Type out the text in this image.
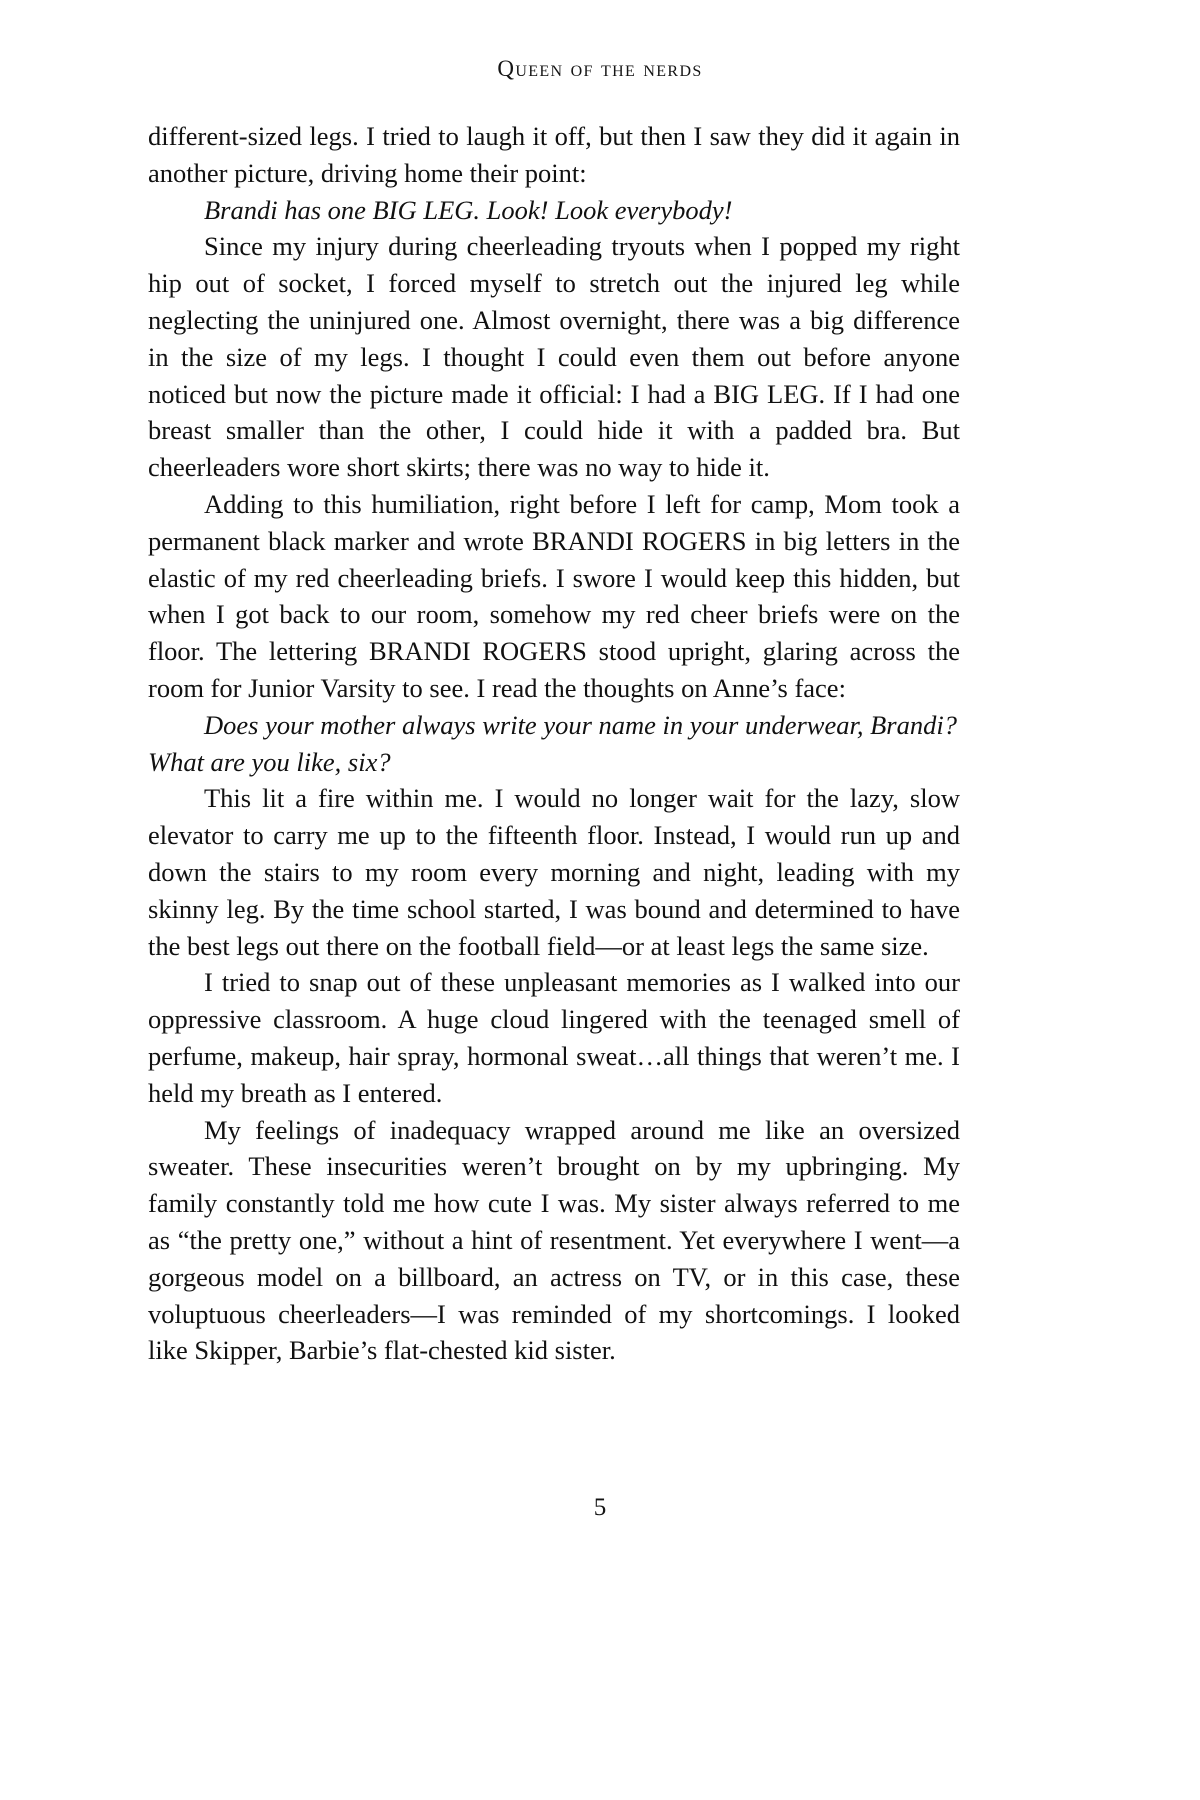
Queen of the nerds

different-sized legs. I tried to laugh it off, but then I saw they did it again in another picture, driving home their point:

Brandi has one BIG LEG. Look! Look everybody!

Since my injury during cheerleading tryouts when I popped my right hip out of socket, I forced myself to stretch out the injured leg while neglecting the uninjured one. Almost overnight, there was a big difference in the size of my legs. I thought I could even them out before anyone noticed but now the picture made it official: I had a BIG LEG. If I had one breast smaller than the other, I could hide it with a padded bra. But cheerleaders wore short skirts; there was no way to hide it.

Adding to this humiliation, right before I left for camp, Mom took a permanent black marker and wrote BRANDI ROGERS in big letters in the elastic of my red cheerleading briefs. I swore I would keep this hidden, but when I got back to our room, somehow my red cheer briefs were on the floor. The lettering BRANDI ROGERS stood upright, glaring across the room for Junior Varsity to see. I read the thoughts on Anne’s face:

Does your mother always write your name in your underwear, Brandi? What are you like, six?

This lit a fire within me. I would no longer wait for the lazy, slow elevator to carry me up to the fifteenth floor. Instead, I would run up and down the stairs to my room every morning and night, leading with my skinny leg. By the time school started, I was bound and determined to have the best legs out there on the football field—or at least legs the same size.

I tried to snap out of these unpleasant memories as I walked into our oppressive classroom. A huge cloud lingered with the teenaged smell of perfume, makeup, hair spray, hormonal sweat…all things that weren’t me. I held my breath as I entered.

My feelings of inadequacy wrapped around me like an oversized sweater. These insecurities weren’t brought on by my upbringing. My family constantly told me how cute I was. My sister always referred to me as “the pretty one,” without a hint of resentment. Yet everywhere I went—a gorgeous model on a billboard, an actress on TV, or in this case, these voluptuous cheerleaders—I was reminded of my shortcomings. I looked like Skipper, Barbie’s flat-chested kid sister.

5
